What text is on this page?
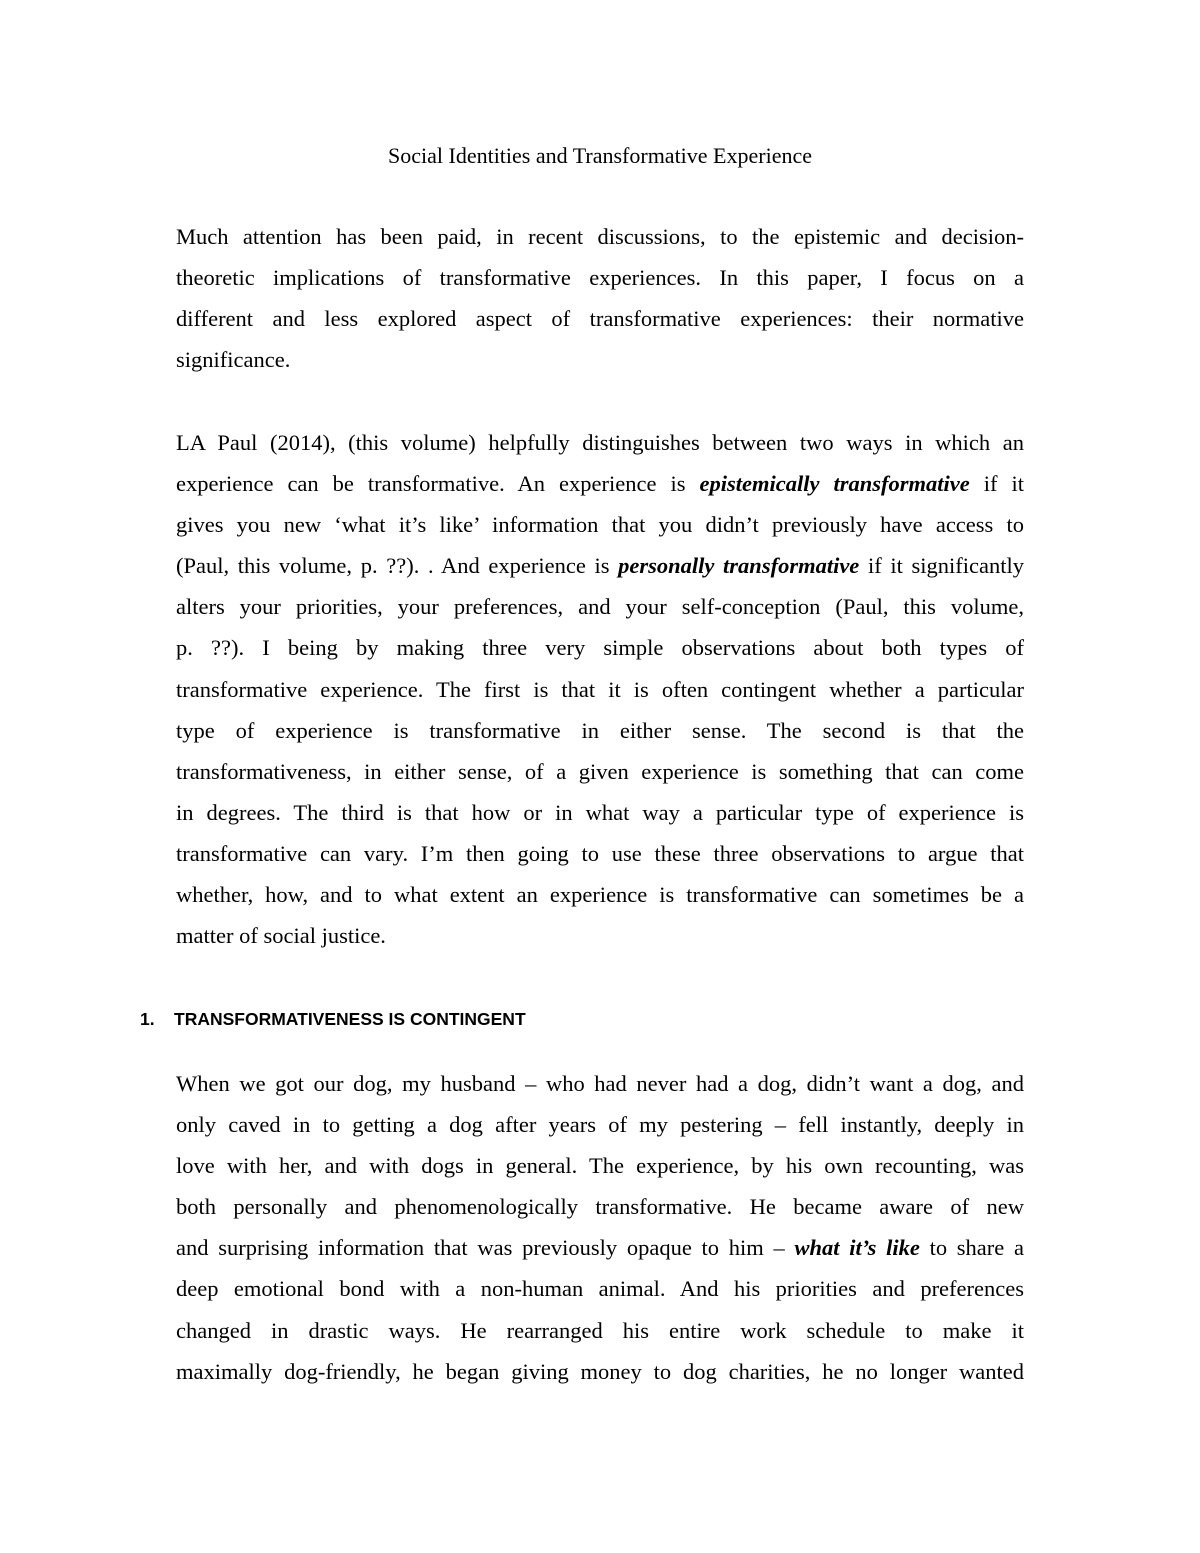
Social Identities and Transformative Experience
Much attention has been paid, in recent discussions, to the epistemic and decision-
theoretic implications of transformative experiences. In this paper, I focus on a
different and less explored aspect of transformative experiences: their normative
significance.
LA Paul (2014), (this volume) helpfully distinguishes between two ways in which an
experience can be transformative. An experience is epistemically transformative if it
gives you new ‘what it’s like’ information that you didn’t previously have access to
(Paul, this volume, p. ??). . And experience is personally transformative if it significantly
alters your priorities, your preferences, and your self-conception (Paul, this volume,
p. ??). I being by making three very simple observations about both types of
transformative experience. The first is that it is often contingent whether a particular
type of experience is transformative in either sense. The second is that the
transformativeness, in either sense, of a given experience is something that can come
in degrees. The third is that how or in what way a particular type of experience is
transformative can vary. I’m then going to use these three observations to argue that
whether, how, and to what extent an experience is transformative can sometimes be a
matter of social justice.
1. TRANSFORMATIVENESS IS CONTINGENT
When we got our dog, my husband – who had never had a dog, didn’t want a dog, and
only caved in to getting a dog after years of my pestering – fell instantly, deeply in
love with her, and with dogs in general. The experience, by his own recounting, was
both personally and phenomenologically transformative. He became aware of new
and surprising information that was previously opaque to him – what it’s like to share a
deep emotional bond with a non-human animal. And his priorities and preferences
changed in drastic ways. He rearranged his entire work schedule to make it
maximally dog-friendly, he began giving money to dog charities, he no longer wanted
